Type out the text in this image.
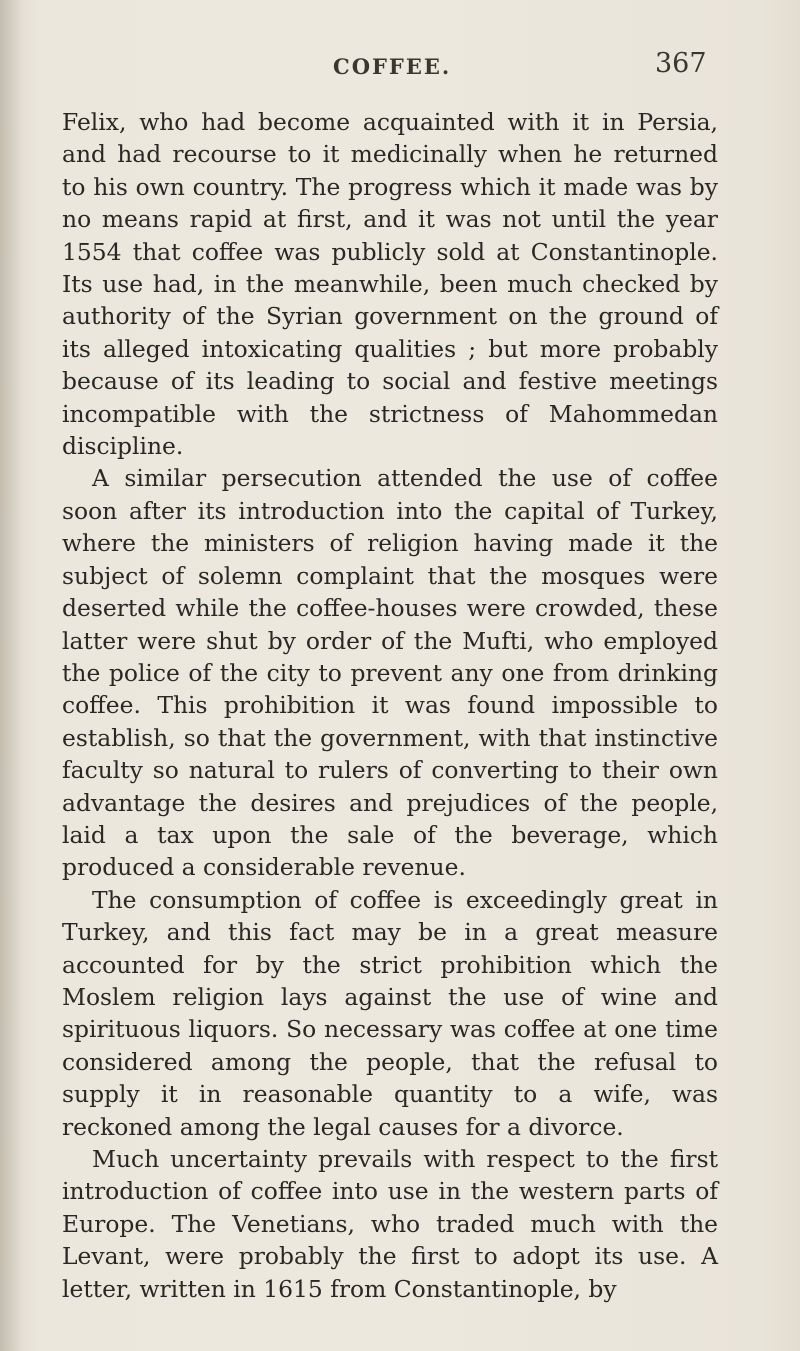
COFFEE.	367

Felix, who had become acquainted with it in Persia, and had recourse to it medicinally when he returned to his own country. The progress which it made was by no means rapid at first, and it was not until the year 1554 that coffee was publicly sold at Constantinople. Its use had, in the meanwhile, been much checked by authority of the Syrian government on the ground of its alleged intoxicating qualities ; but more probably because of its leading to social and festive meetings incompatible with the strictness of Mahommedan discipline.

A similar persecution attended the use of coffee soon after its introduction into the capital of Turkey, where the ministers of religion having made it the subject of solemn complaint that the mosques were deserted while the coffee-houses were crowded, these latter were shut by order of the Mufti, who employed the police of the city to prevent any one from drinking coffee. This prohibition it was found impossible to establish, so that the government, with that instinctive faculty so natural to rulers of converting to their own advantage the desires and prejudices of the people, laid a tax upon the sale of the beverage, which produced a considerable revenue.

The consumption of coffee is exceedingly great in Turkey, and this fact may be in a great measure accounted for by the strict prohibition which the Moslem religion lays against the use of wine and spirituous liquors. So necessary was coffee at one time considered among the people, that the refusal to supply it in reasonable quantity to a wife, was reckoned among the legal causes for a divorce.

Much uncertainty prevails with respect to the first introduction of coffee into use in the western parts of Europe. The Venetians, who traded much with the Levant, were probably the first to adopt its use. A letter, written in 1615 from Constantinople, by
